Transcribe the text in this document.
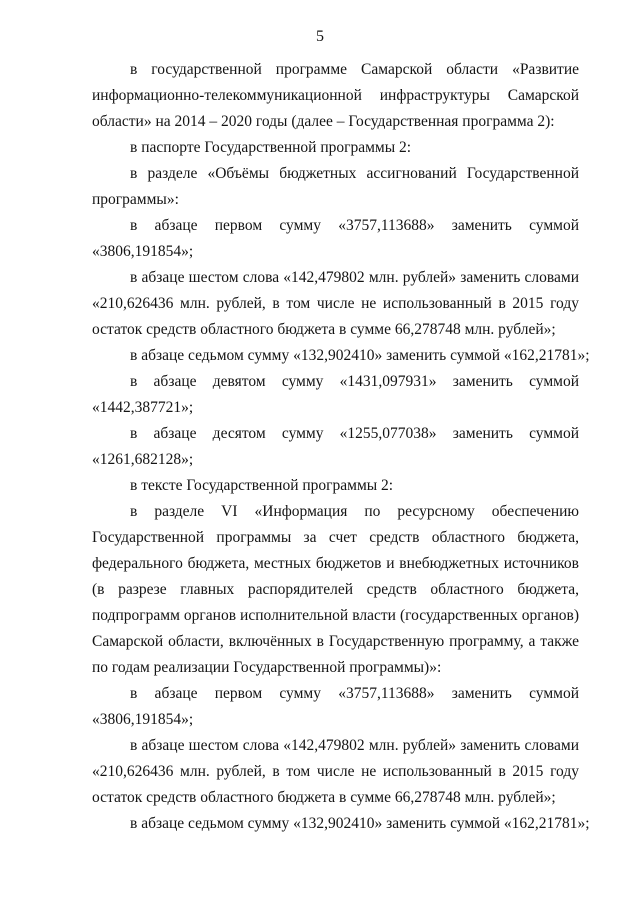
5
в государственной программе Самарской области «Развитие
информационно-телекоммуникационной инфраструктуры Самарской
области» на 2014 – 2020 годы (далее – Государственная программа 2):
в паспорте Государственной программы 2:
в разделе «Объёмы бюджетных ассигнований Государственной
программы»:
в абзаце первом сумму «3757,113688» заменить суммой
«3806,191854»;
в абзаце шестом слова «142,479802 млн. рублей» заменить словами
«210,626436 млн. рублей, в том числе не использованный в 2015 году
остаток средств областного бюджета в сумме 66,278748 млн. рублей»;
в абзаце седьмом сумму «132,902410» заменить суммой «162,21781»;
в абзаце девятом сумму «1431,097931» заменить суммой
«1442,387721»;
в абзаце десятом сумму «1255,077038» заменить суммой
«1261,682128»;
в тексте Государственной программы 2:
в разделе VI «Информация по ресурсному обеспечению
Государственной программы за счет средств областного бюджета,
федерального бюджета, местных бюджетов и внебюджетных источников
(в разрезе главных распорядителей средств областного бюджета,
подпрограмм органов исполнительной власти (государственных органов)
Самарской области, включённых в Государственную программу, а также
по годам реализации Государственной программы)»:
в абзаце первом сумму «3757,113688» заменить суммой
«3806,191854»;
в абзаце шестом слова «142,479802 млн. рублей» заменить словами
«210,626436 млн. рублей, в том числе не использованный в 2015 году
остаток средств областного бюджета в сумме 66,278748 млн. рублей»;
в абзаце седьмом сумму «132,902410» заменить суммой «162,21781»;
